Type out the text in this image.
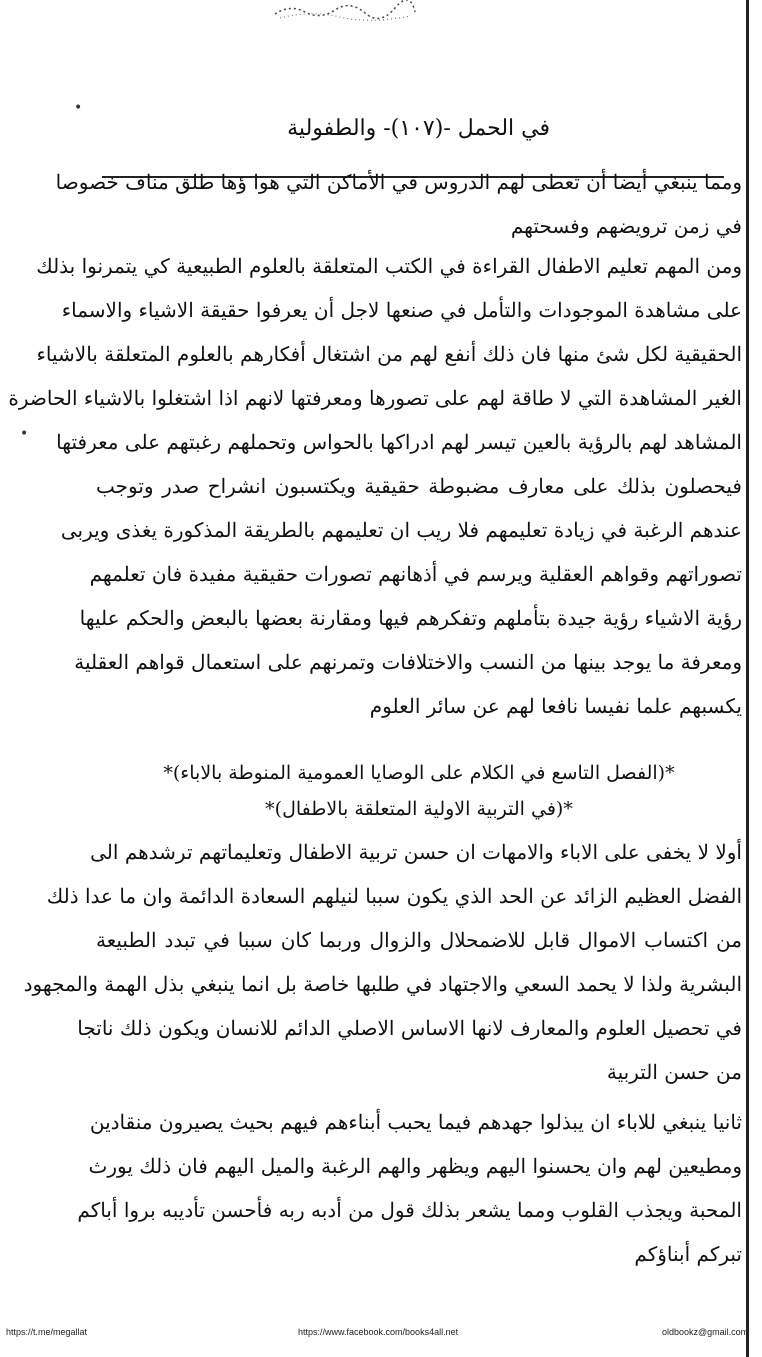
•
•
في الحمل -(١٠٧)- والطفولية
ومما ينبغي أيضا أن تعطى لهم الدروس في الأماكن التي هوا ؤها طلق مناف خصوصا
في زمن ترويضهم وفسحتهم
ومن المهم تعليم الاطفال القراءة في الكتب المتعلقة بالعلوم الطبيعية كي يتمرنوا بذلك
على مشاهدة الموجودات والتأمل في صنعها لاجل أن يعرفوا حقيقة الاشياء والاسماء
الحقيقية لكل شئ منها فان ذلك أنفع لهم من اشتغال أفكارهم بالعلوم المتعلقة بالاشياء
الغير المشاهدة التي لا طاقة لهم على تصورها ومعرفتها لانهم اذا اشتغلوا بالاشياء الحاضرة
المشاهد لهم بالرؤية بالعين تيسر لهم ادراكها بالحواس وتحملهم رغبتهم على معرفتها
فيحصلون بذلك على معارف مضبوطة حقيقية ويكتسبون انشراح صدر وتوجب
عندهم الرغبة في زيادة تعليمهم فلا ريب ان تعليمهم بالطريقة المذكورة يغذى ويربى
تصوراتهم وقواهم العقلية ويرسم في أذهانهم تصورات حقيقية مفيدة فان تعلمهم
رؤية الاشياء رؤية جيدة بتأملهم وتفكرهم فيها ومقارنة بعضها بالبعض والحكم عليها
ومعرفة ما يوجد بينها من النسب والاختلافات وتمرنهم على استعمال قواهم العقلية
يكسبهم علما نفيسا نافعا لهم عن سائر العلوم
*(الفصل التاسع في الكلام على الوصايا العمومية المنوطة بالاباء)*
*(في التربية الاولية المتعلقة بالاطفال)*
أولا لا يخفى على الاباء والامهات ان حسن تربية الاطفال وتعليماتهم ترشدهم الى
الفضل العظيم الزائد عن الحد الذي يكون سببا لنيلهم السعادة الدائمة وان ما عدا ذلك
من اكتساب الاموال قابل للاضمحلال والزوال وربما كان سببا في تبدد الطبيعة
البشرية ولذا لا يحمد السعي والاجتهاد في طلبها خاصة بل انما ينبغي بذل الهمة والمجهود
في تحصيل العلوم والمعارف لانها الاساس الاصلي الدائم للانسان ويكون ذلك ناتجا
من حسن التربية
ثانيا ينبغي للاباء ان يبذلوا جهدهم فيما يحبب أبناءهم فيهم بحيث يصيرون منقادين
ومطيعين لهم وان يحسنوا اليهم ويظهر والهم الرغبة والميل اليهم فان ذلك يورث
المحبة ويجذب القلوب ومما يشعر بذلك قول من أدبه ربه فأحسن تأديبه بروا أباكم
تبركم أبناؤكم
https://t.me/megallat	https://www.facebook.com/books4all.net	oldbookz@gmail.com
